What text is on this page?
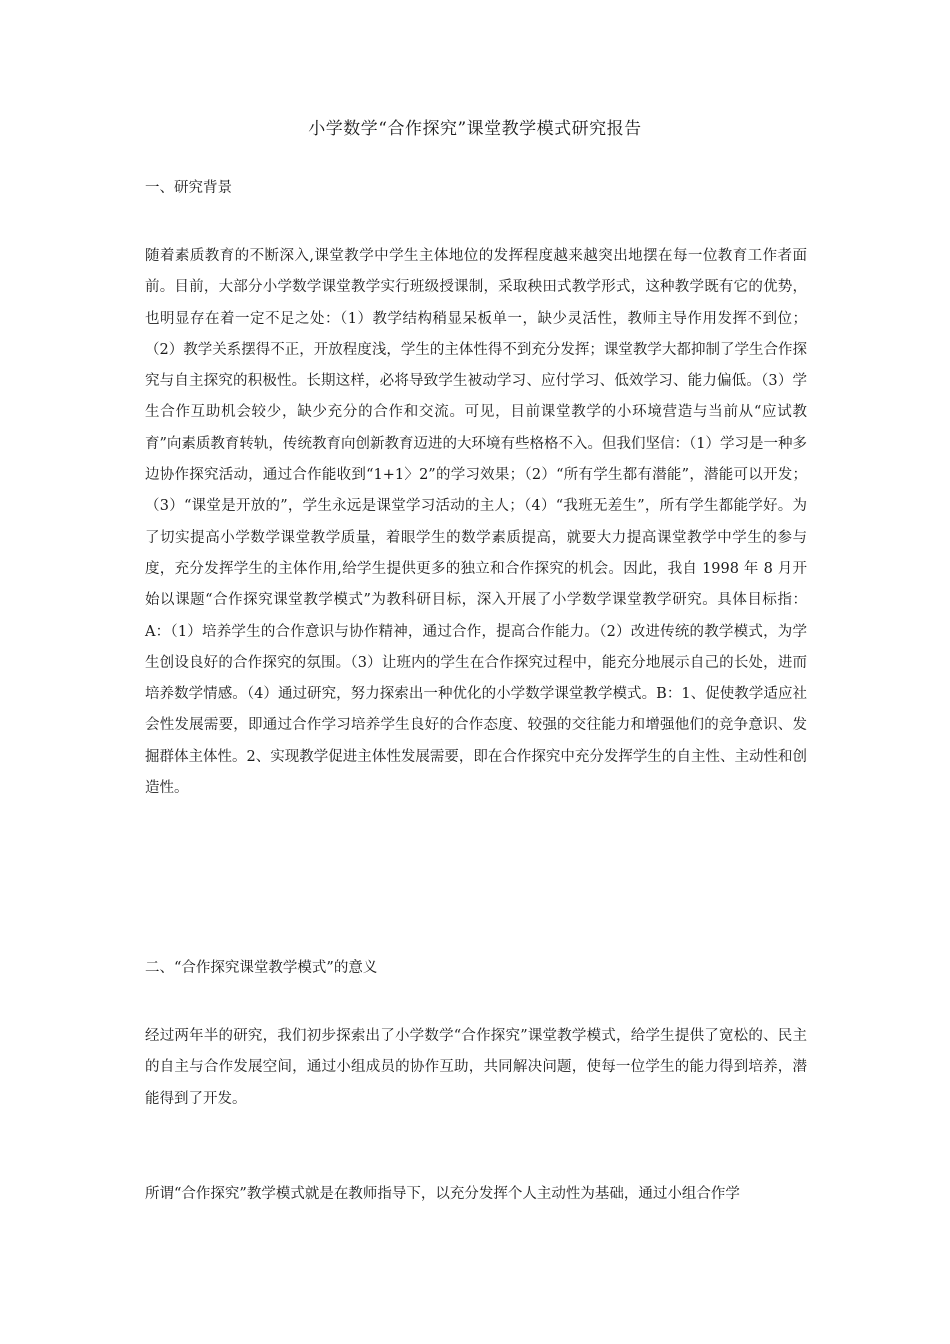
小学数学“合作探究”课堂教学模式研究报告
一、研究背景
随着素质教育的不断深入,课堂教学中学生主体地位的发挥程度越来越突出地摆在每一位教育工作者面前。目前，大部分小学数学课堂教学实行班级授课制，采取秧田式教学形式，这种教学既有它的优势，也明显存在着一定不足之处：（1）教学结构稍显呆板单一，缺少灵活性，教师主导作用发挥不到位；（2）教学关系摆得不正，开放程度浅，学生的主体性得不到充分发挥；课堂教学大都抑制了学生合作探究与自主探究的积极性。长期这样，必将导致学生被动学习、应付学习、低效学习、能力偏低。（3）学生合作互助机会较少，缺少充分的合作和交流。可见，目前课堂教学的小环境营造与当前从“应试教育”向素质教育转轨，传统教育向创新教育迈进的大环境有些格格不入。但我们坚信：（1）学习是一种多边协作探究活动，通过合作能收到“1+1〉2”的学习效果；（2）“所有学生都有潜能”，潜能可以开发；（3）“课堂是开放的”，学生永远是课堂学习活动的主人；（4）“我班无差生”，所有学生都能学好。为了切实提高小学数学课堂教学质量，着眼学生的数学素质提高，就要大力提高课堂教学中学生的参与度，充分发挥学生的主体作用,给学生提供更多的独立和合作探究的机会。因此，我自 1998 年 8 月开始以课题“合作探究课堂教学模式”为教科研目标，深入开展了小学数学课堂教学研究。具体目标指：A：（1）培养学生的合作意识与协作精神，通过合作，提高合作能力。（2）改进传统的教学模式，为学生创设良好的合作探究的氛围。（3）让班内的学生在合作探究过程中，能充分地展示自己的长处，进而培养数学情感。（4）通过研究，努力探索出一种优化的小学数学课堂教学模式。B：1、促使教学适应社会性发展需要，即通过合作学习培养学生良好的合作态度、较强的交往能力和增强他们的竞争意识、发掘群体主体性。2、实现教学促进主体性发展需要，即在合作探究中充分发挥学生的自主性、主动性和创造性。
二、“合作探究课堂教学模式”的意义
经过两年半的研究，我们初步探索出了小学数学“合作探究”课堂教学模式，给学生提供了宽松的、民主的自主与合作发展空间，通过小组成员的协作互助，共同解决问题，使每一位学生的能力得到培养，潜能得到了开发。
所谓“合作探究”教学模式就是在教师指导下，以充分发挥个人主动性为基础，通过小组合作学
